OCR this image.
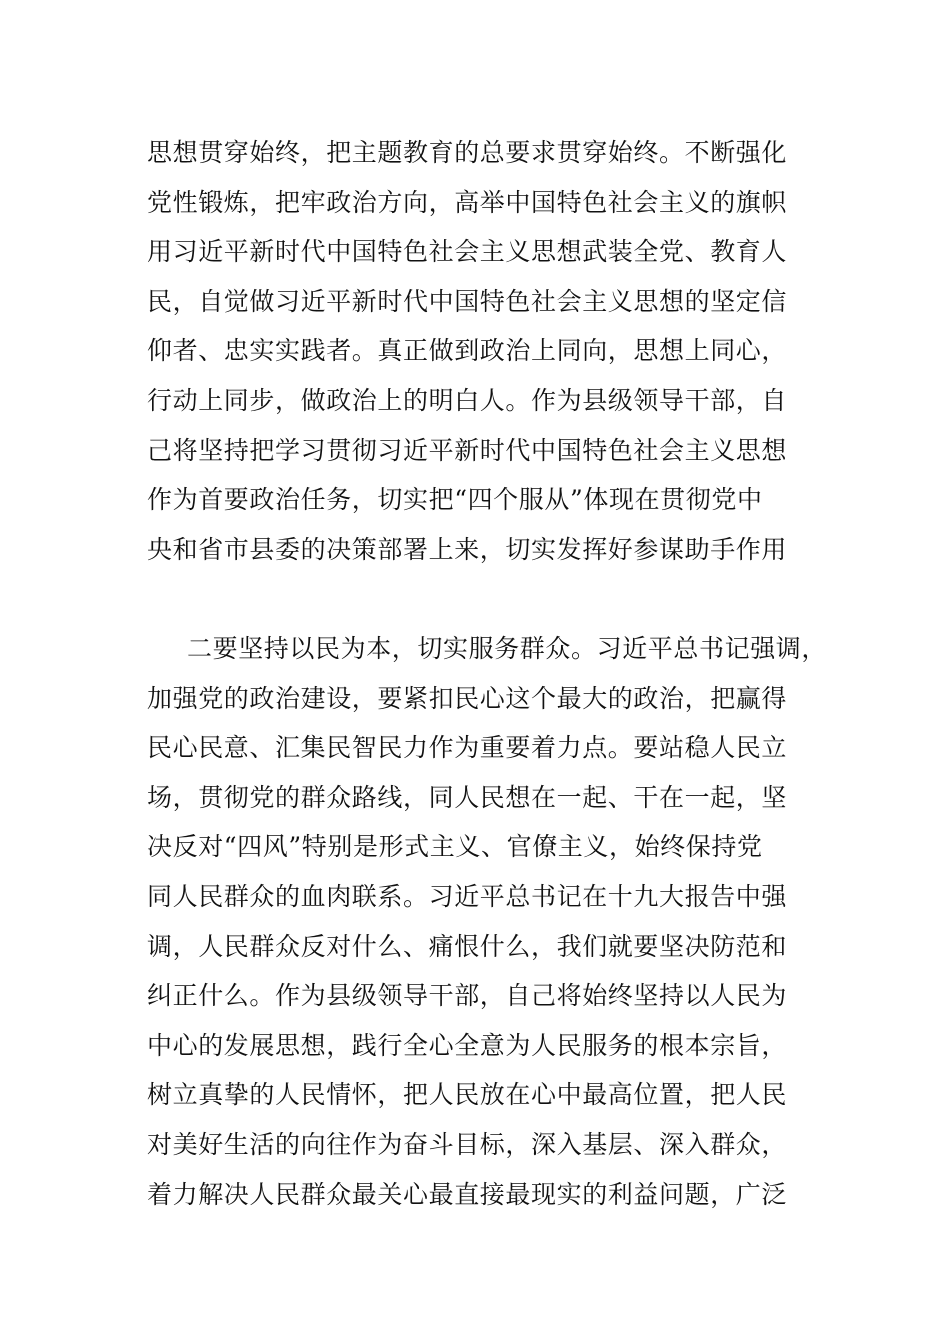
思想贯穿始终，把主题教育的总要求贯穿始终。不断强化
党性锻炼，把牢政治方向，高举中国特色社会主义的旗帜
用习近平新时代中国特色社会主义思想武装全党、教育人
民，自觉做习近平新时代中国特色社会主义思想的坚定信
仰者、忠实实践者。真正做到政治上同向，思想上同心，
行动上同步，做政治上的明白人。作为县级领导干部，自
己将坚持把学习贯彻习近平新时代中国特色社会主义思想
作为首要政治任务，切实把“四个服从”体现在贯彻党中
央和省市县委的决策部署上来，切实发挥好参谋助手作用
二要坚持以民为本，切实服务群众。习近平总书记强调，
加强党的政治建设，要紧扣民心这个最大的政治，把赢得
民心民意、汇集民智民力作为重要着力点。要站稳人民立
场，贯彻党的群众路线，同人民想在一起、干在一起，坚
决反对“四风”特别是形式主义、官僚主义，始终保持党
同人民群众的血肉联系。习近平总书记在十九大报告中强
调，人民群众反对什么、痛恨什么，我们就要坚决防范和
纠正什么。作为县级领导干部，自己将始终坚持以人民为
中心的发展思想，践行全心全意为人民服务的根本宗旨，
树立真挚的人民情怀，把人民放在心中最高位置，把人民
对美好生活的向往作为奋斗目标，深入基层、深入群众，
着力解决人民群众最关心最直接最现实的利益问题，广泛
